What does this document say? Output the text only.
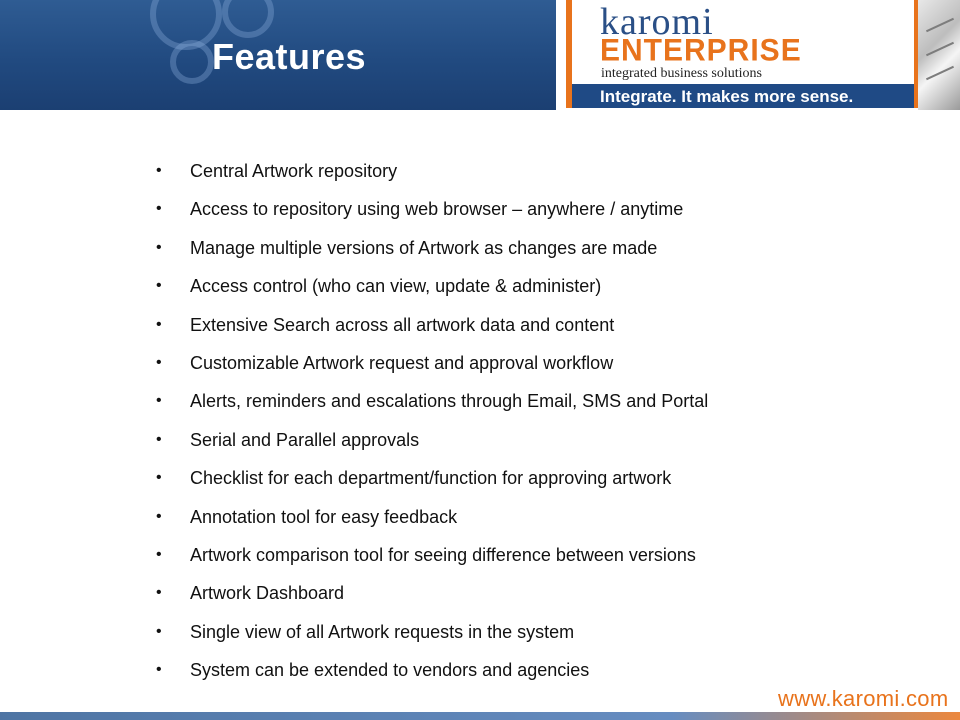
Features
karomi
ENTERPRISE
integrated business solutions
Integrate. It makes more sense.
• Central Artwork repository
• Access to repository using web browser – anywhere / anytime
• Manage multiple versions of Artwork as changes are made
• Access control (who can view, update & administer)
• Extensive Search across all artwork data and content
• Customizable Artwork request and approval workflow
• Alerts, reminders and escalations through Email, SMS and Portal
• Serial and Parallel approvals
• Checklist for each department/function for approving artwork
• Annotation tool for easy feedback
• Artwork comparison tool for seeing difference between versions
• Artwork Dashboard
• Single view of all Artwork requests in the system
• System can be extended to vendors and agencies
www.karomi.com
